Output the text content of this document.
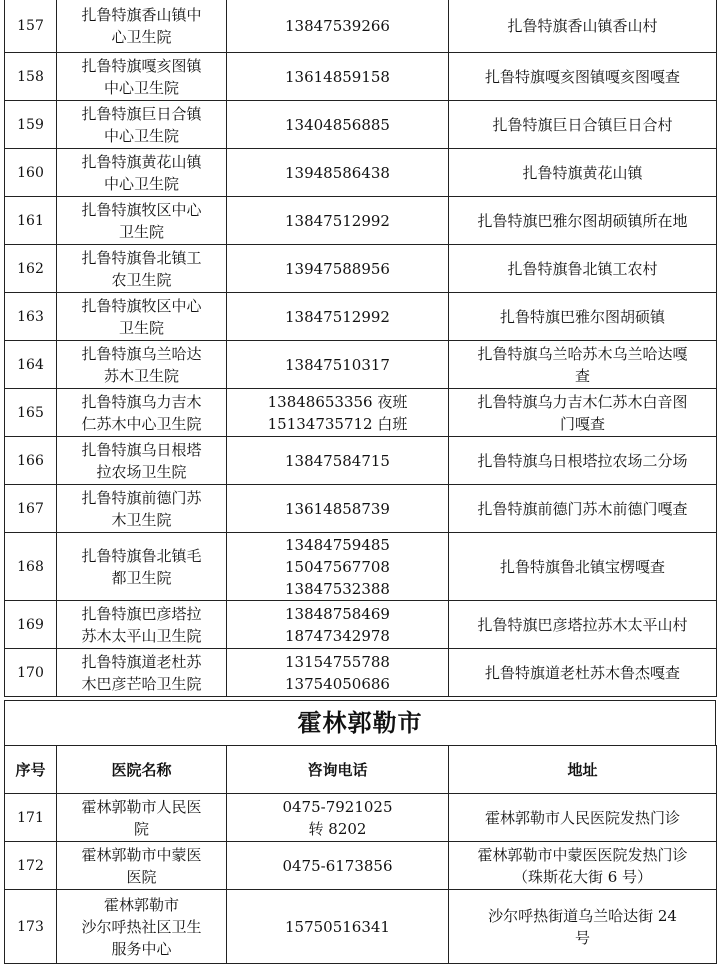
157	扎鲁特旗香山镇中
心卫生院	13847539266	扎鲁特旗香山镇香山村

158	扎鲁特旗嘎亥图镇
中心卫生院	13614859158	扎鲁特旗嘎亥图镇嘎亥图嘎查

159	扎鲁特旗巨日合镇
中心卫生院	13404856885	扎鲁特旗巨日合镇巨日合村

160	扎鲁特旗黄花山镇
中心卫生院	13948586438	扎鲁特旗黄花山镇

161	扎鲁特旗牧区中心
卫生院	13847512992	扎鲁特旗巴雅尔图胡硕镇所在地

162	扎鲁特旗鲁北镇工
农卫生院	13947588956	扎鲁特旗鲁北镇工农村

163	扎鲁特旗牧区中心
卫生院	13847512992	扎鲁特旗巴雅尔图胡硕镇

164	扎鲁特旗乌兰哈达
苏木卫生院	13847510317	扎鲁特旗乌兰哈苏木乌兰哈达嘎
查

165	扎鲁特旗乌力吉木
仁苏木中心卫生院	13848653356 夜班
15134735712 白班	扎鲁特旗乌力吉木仁苏木白音图
门嘎查

166	扎鲁特旗乌日根塔
拉农场卫生院	13847584715	扎鲁特旗乌日根塔拉农场二分场

167	扎鲁特旗前德门苏
木卫生院	13614858739	扎鲁特旗前德门苏木前德门嘎查

168	扎鲁特旗鲁北镇毛
都卫生院	13484759485
15047567708
13847532388	扎鲁特旗鲁北镇宝楞嘎查

169	扎鲁特旗巴彦塔拉
苏木太平山卫生院	13848758469
18747342978	扎鲁特旗巴彦塔拉苏木太平山村

170	扎鲁特旗道老杜苏
木巴彦芒哈卫生院	13154755788
13754050686	扎鲁特旗道老杜苏木鲁杰嘎查
霍林郭勒市
序号	医院名称	咨询电话	地址
171	霍林郭勒市人民医
院	0475-7921025
转 8202	霍林郭勒市人民医院发热门诊

172	霍林郭勒市中蒙医
医院	0475-6173856	霍林郭勒市中蒙医医院发热门诊
（珠斯花大街 6 号）

173	霍林郭勒市
沙尔呼热社区卫生
服务中心	15750516341	沙尔呼热街道乌兰哈达街 24
号
